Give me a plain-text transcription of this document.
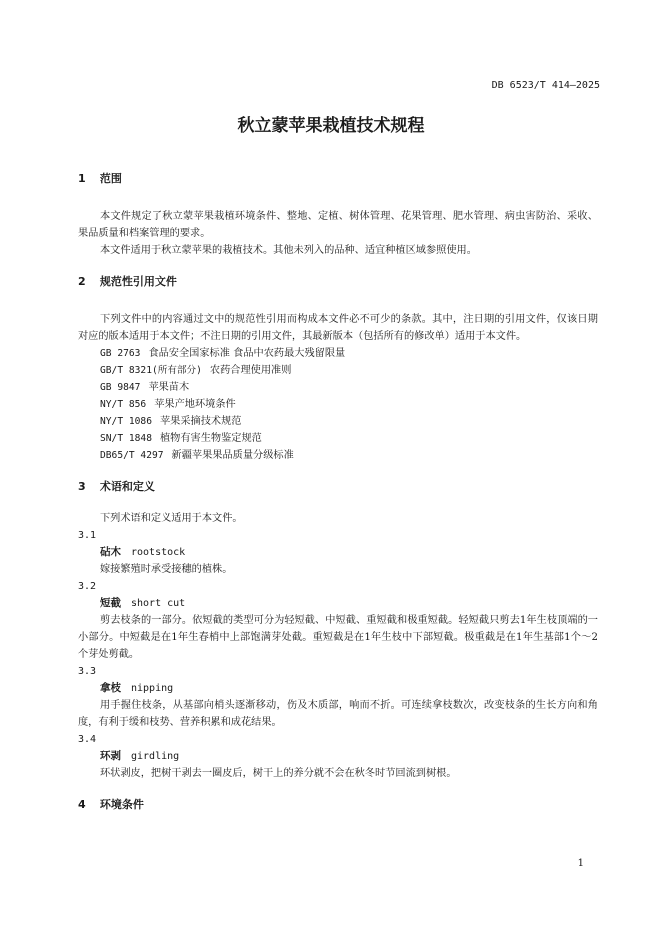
DB 6523/T 414—2025
秋立蒙苹果栽植技术规程
1 范围

本文件规定了秋立蒙苹果栽植环境条件、整地、定植、树体管理、花果管理、肥水管理、病虫害防治、采收、果品质量和档案管理的要求。

本文件适用于秋立蒙苹果的栽植技术。其他未列入的品种、适宜种植区域参照使用。

2 规范性引用文件

下列文件中的内容通过文中的规范性引用而构成本文件必不可少的条款。其中，注日期的引用文件，仅该日期对应的版本适用于本文件；不注日期的引用文件，其最新版本（包括所有的修改单）适用于本文件。

GB 2763 食品安全国家标准 食品中农药最大残留限量
GB/T 8321(所有部分) 农药合理使用准则
GB 9847 苹果苗木
NY/T 856 苹果产地环境条件
NY/T 1086 苹果采摘技术规范
SN/T 1848 植物有害生物鉴定规范
DB65/T 4297 新疆苹果果品质量分级标准
3 术语和定义

下列术语和定义适用于本文件。

3.1
砧木 rootstock

嫁接繁殖时承受接穗的植株。

3.2
短截 short cut

剪去枝条的一部分。依短截的类型可分为轻短截、中短截、重短截和极重短截。轻短截只剪去1年生枝顶端的一小部分。中短截是在1年生春梢中上部饱满芽处截。重短截是在1年生枝中下部短截。极重截是在1年生基部1个～2个芽处剪截。

3.3
拿枝 nipping

用手握住枝条，从基部向梢头逐渐移动，伤及木质部，响而不折。可连续拿枝数次，改变枝条的生长方向和角度，有利于缓和枝势、营养积累和成花结果。

3.4
环剥 girdling

环状剥皮，把树干剥去一圈皮后，树干上的养分就不会在秋冬时节回流到树根。

4 环境条件
1
